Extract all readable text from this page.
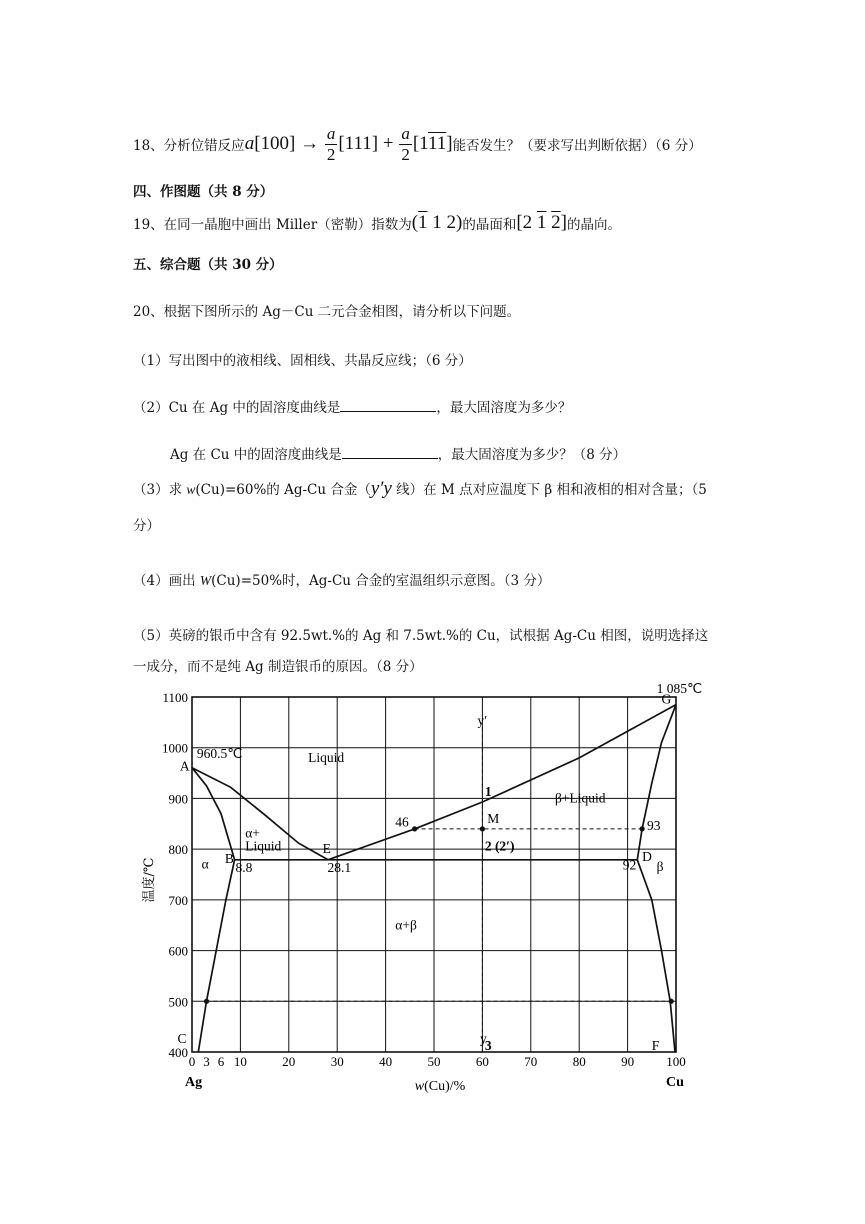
18、分析位错反应 $a[100] \to \frac{a}{2} [111] + \frac{a}{2} [111]$ 能否发生？（要求写出判断依据）（6 分）
四、作图题（共 8 分）
19、在同一晶胞中画出 Miller（密勒）指数为 (1 1 2) 的晶面和 [2 1 2] 的晶向。
五、综合题（共 30 分）
20、根据下图所示的 Ag－Cu 二元合金相图，请分析以下问题。
（1）写出图中的液相线、固相线、共晶反应线；（6 分）
（2）Cu 在 Ag 中的固溶度曲线是	，最大固溶度为多少？
Ag 在 Cu 中的固溶度曲线是	，最大固溶度为多少？（8 分）
（3）求 w(Cu)=60%的 Ag-Cu 合金（y′y 线）在 M 点对应温度下 β 相和液相的相对含量；（5
分）
（4）画出 W(Cu)=50%时，Ag-Cu 合金的室温组织示意图。（3 分）
（5）英磅的银币中含有 92.5wt.%的 Ag 和 7.5wt.%的 Cu，试根据 Ag-Cu 相图，说明选择这
一成分，而不是纯 Ag 制造银币的原因。（8 分）
0 3 6 10	20	30	40	50	60	70	80	90 100
400
500
600
700
800
900
1000
1100
1 085℃
G
y′
960.5℃
A
Liquid
1	β+Liquid
46	M	93
α+
Liquid	E	2 (2′)
D
92
α B
8.8	28.1	β
α+β
C	y
3	F
温度/℃
w(Cu)/%
Ag	Cu
